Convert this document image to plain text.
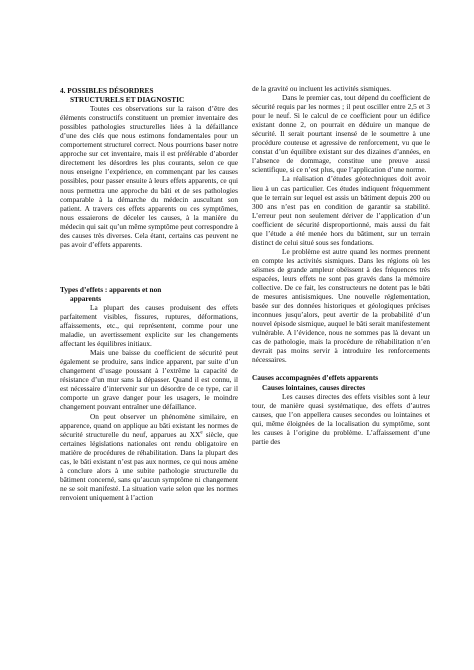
4. POSSIBLES DÉSORDRES

STRUCTURELS ET DIAGNOSTIC

Toutes ces observations sur la raison d’être des éléments constructifs constituent un premier inventaire des possibles pathologies structurelles liées à la défaillance d’une des clés que nous estimons fondamentales pour un comportement structurel correct. Nous pourrions baser notre approche sur cet inventaire, mais il est préférable d’aborder directement les désordres les plus courants, selon ce que nous enseigne l’expérience, en commençant par les causes possibles, pour passer ensuite à leurs effets apparents, ce qui nous permettra une approche du bâti et de ses pathologies comparable à la démarche du médecin auscultant son patient. A travers ces effets apparents ou ces symptômes, nous essaierons de déceler les causes, à la manière du médecin qui sait qu’un même symptôme peut correspondre à des causes très diverses. Cela étant, certains cas peuvent ne pas avoir d’effets apparents.

Types d’effets : apparents et non

apparents

La plupart des causes produisent des effets parfaitement visibles, fissures, ruptures, déformations, affaissements, etc., qui représentent, comme pour une maladie, un avertissement explicite sur les changements affectant les équilibres initiaux.

Mais une baisse du coefficient de sécurité peut également se produire, sans indice apparent, par suite d’un changement d’usage poussant à l’extrême la capacité de résistance d’un mur sans la dépasser. Quand il est connu, il est nécessaire d’intervenir sur un désordre de ce type, car il comporte un grave danger pour les usagers, le moindre changement pouvant entraîner une défaillance.

On peut observer un phénomène similaire, en apparence, quand on applique au bâti existant les normes de sécurité structurelle du neuf, apparues au XXe siècle, que certaines législations nationales ont rendu obligatoire en matière de procédures de réhabilitation. Dans la plupart des cas, le bâti existant n’est pas aux normes, ce qui nous amène à conclure alors à une subite pathologie structurelle du bâtiment concerné, sans qu’aucun symptôme ni changement ne se soit manifesté. La situation varie selon que les normes renvoient uniquement à l’action

de la gravité ou incluent les activités sismiques.

Dans le premier cas, tout dépend du coefficient de sécurité requis par les normes ; il peut osciller entre 2,5 et 3 pour le neuf. Si le calcul de ce coefficient pour un édifice existant donne 2, on pourrait en déduire un manque de sécurité. Il serait pourtant insensé de le soumettre à une procédure couteuse et agressive de renforcement, vu que le constat d’un équilibre existant sur des dizaines d’années, en l’absence de dommage, constitue une preuve aussi scientifique, si ce n’est plus, que l’application d’une norme.

La réalisation d’études géotechniques doit avoir lieu à un cas particulier. Ces études indiquent fréquemment que le terrain sur lequel est assis un bâtiment depuis 200 ou 300 ans n’est pas en condition de garantir sa stabilité. L’erreur peut non seulement dériver de l’application d’un coefficient de sécurité disproportionné, mais aussi du fait que l’étude a été menée hors du bâtiment, sur un terrain distinct de celui situé sous ses fondations.

Le problème est autre quand les normes prennent en compte les activités sismiques. Dans les régions où les séismes de grande ampleur obéissent à des fréquences très espacées, leurs effets ne sont pas gravés dans la mémoire collective. De ce fait, les constructeurs ne dotent pas le bâti de mesures antisismiques. Une nouvelle réglementation, basée sur des données historiques et géologiques précises inconnues jusqu’alors, peut avertir de la probabilité d’un nouvel épisode sismique, auquel le bâti serait manifestement vulnérable. A l’évidence, nous ne sommes pas là devant un cas de pathologie, mais la procédure de réhabilitation n’en devrait pas moins servir à introduire les renforcements nécessaires.

Causes accompagnées d’effets apparents

Causes lointaines, causes directes

Les causes directes des effets visibles sont à leur tour, de manière quasi systématique, des effets d’autres causes, que l’on appellera causes secondes ou lointaines et qui, même éloignées de la localisation du symptôme, sont les causes à l’origine du problème. L’affaissement d’une partie des
